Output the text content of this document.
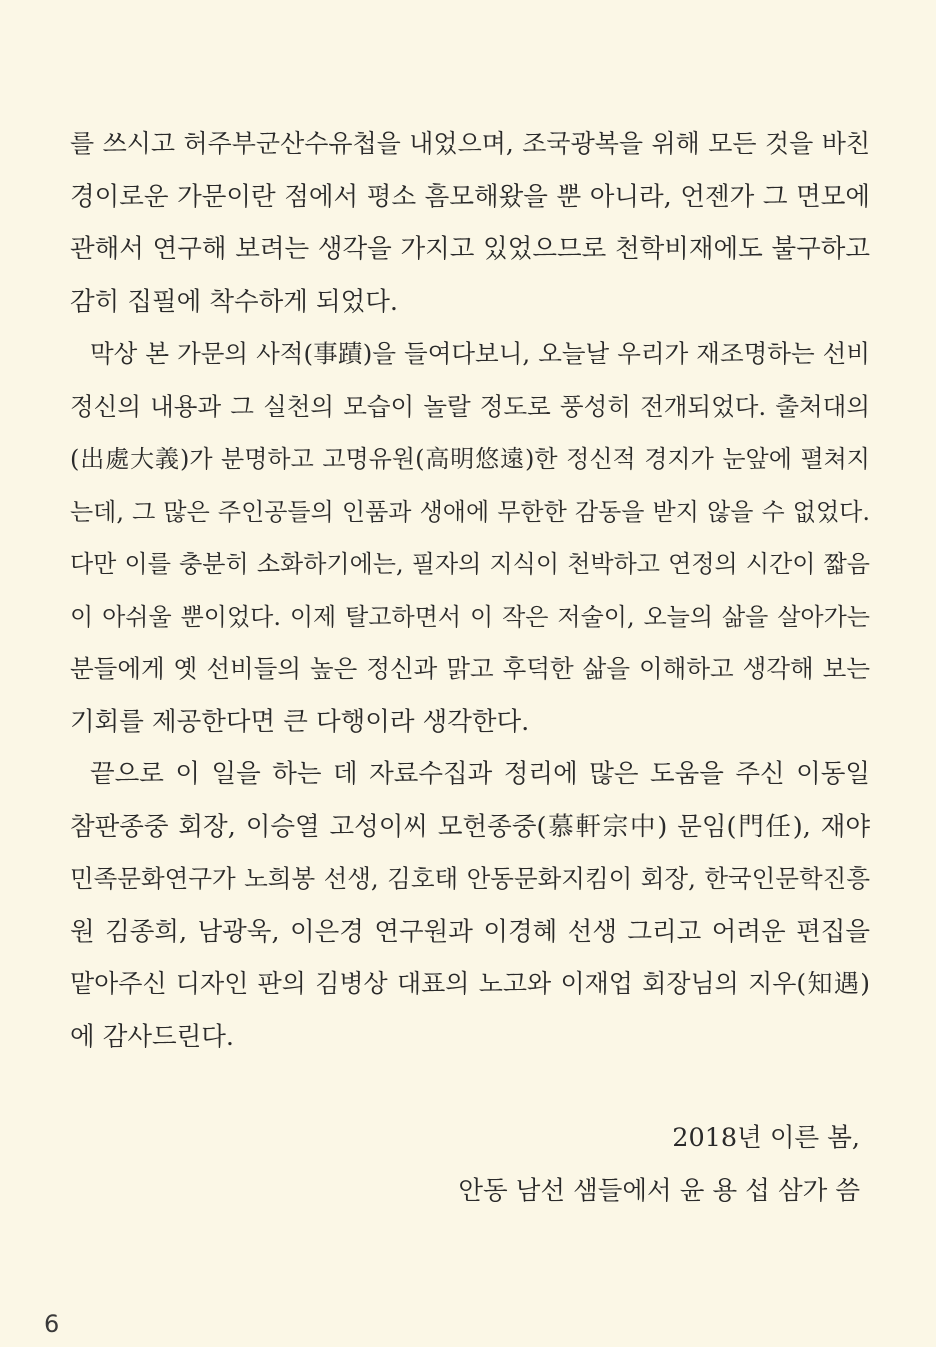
를 쓰시고 허주부군산수유첩을 내었으며, 조국광복을 위해 모든 것을 바친
경이로운 가문이란 점에서 평소 흠모해왔을 뿐 아니라, 언젠가 그 면모에
관해서 연구해 보려는 생각을 가지고 있었으므로 천학비재에도 불구하고
감히 집필에 착수하게 되었다.
막상 본 가문의 사적(事蹟)을 들여다보니, 오늘날 우리가 재조명하는 선비
정신의 내용과 그 실천의 모습이 놀랄 정도로 풍성히 전개되었다. 출처대의
(出處大義)가 분명하고 고명유원(高明悠遠)한 정신적 경지가 눈앞에 펼쳐지
는데, 그 많은 주인공들의 인품과 생애에 무한한 감동을 받지 않을 수 없었다.
다만 이를 충분히 소화하기에는, 필자의 지식이 천박하고 연정의 시간이 짧음
이 아쉬울 뿐이었다. 이제 탈고하면서 이 작은 저술이, 오늘의 삶을 살아가는
분들에게 옛 선비들의 높은 정신과 맑고 후덕한 삶을 이해하고 생각해 보는
기회를 제공한다면 큰 다행이라 생각한다.
끝으로 이 일을 하는 데 자료수집과 정리에 많은 도움을 주신 이동일
참판종중 회장, 이승열 고성이씨 모헌종중(慕軒宗中) 문임(門任), 재야
민족문화연구가 노희봉 선생, 김호태 안동문화지킴이 회장, 한국인문학진흥
원 김종희, 남광욱, 이은경 연구원과 이경혜 선생 그리고 어려운 편집을
맡아주신 디자인 판의 김병상 대표의 노고와 이재업 회장님의 지우(知遇)
에 감사드린다.
2018년 이른 봄,
안동 남선 샘들에서 윤 용 섭 삼가 씀
6
